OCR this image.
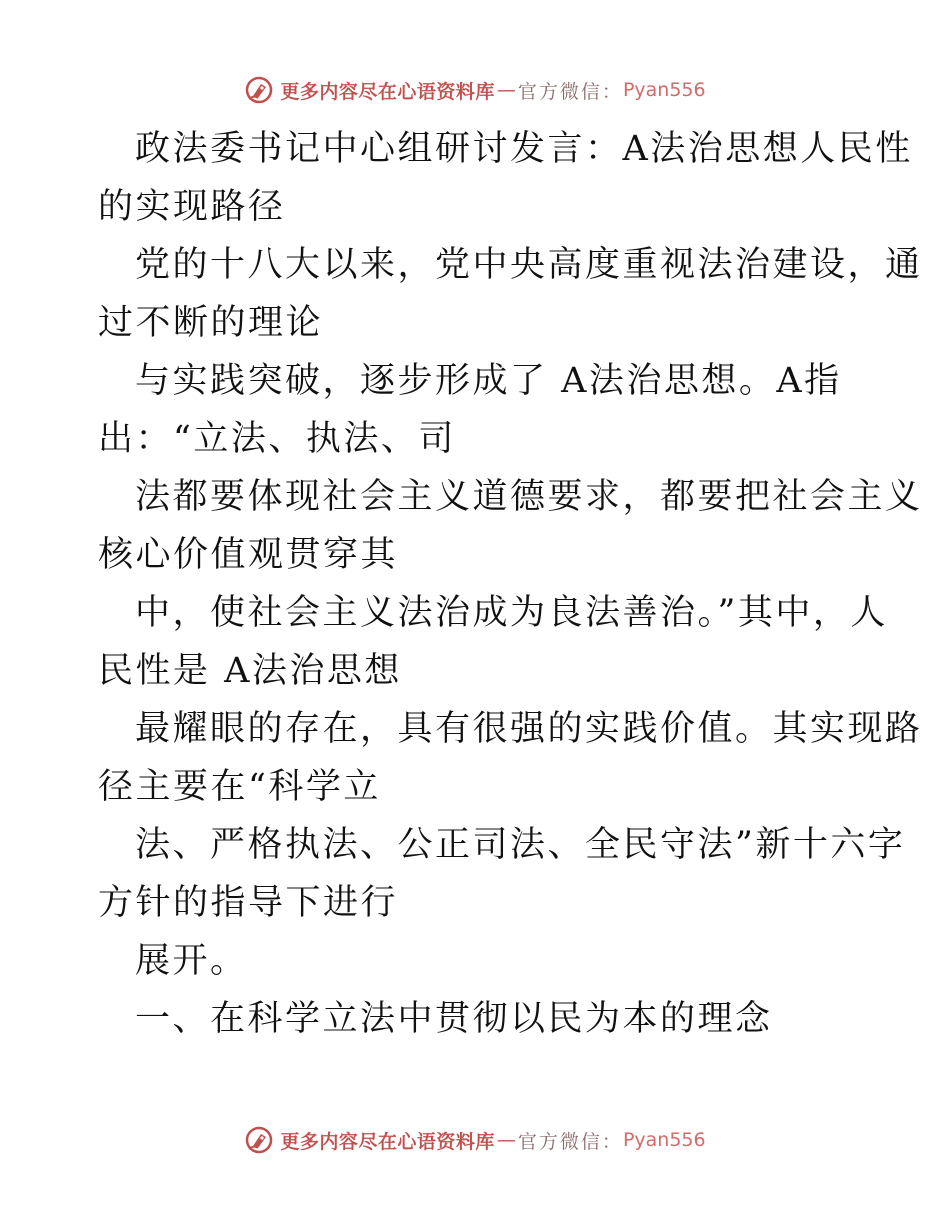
更多内容尽在心语资料库 — 官方微信： Pyan556
政法委书记中心组研讨发言：A法治思想人民性
的实现路径
党的十八大以来，党中央高度重视法治建设，通
过不断的理论
与实践突破，逐步形成了 A法治思想。A指
出：“立法、执法、司
法都要体现社会主义道德要求，都要把社会主义
核心价值观贯穿其
中，使社会主义法治成为良法善治。”其中，人
民性是 A法治思想
最耀眼的存在，具有很强的实践价值。其实现路
径主要在“科学立
法、严格执法、公正司法、全民守法”新十六字
方针的指导下进行
展开。
一、在科学立法中贯彻以民为本的理念
更多内容尽在心语资料库 — 官方微信： Pyan556
